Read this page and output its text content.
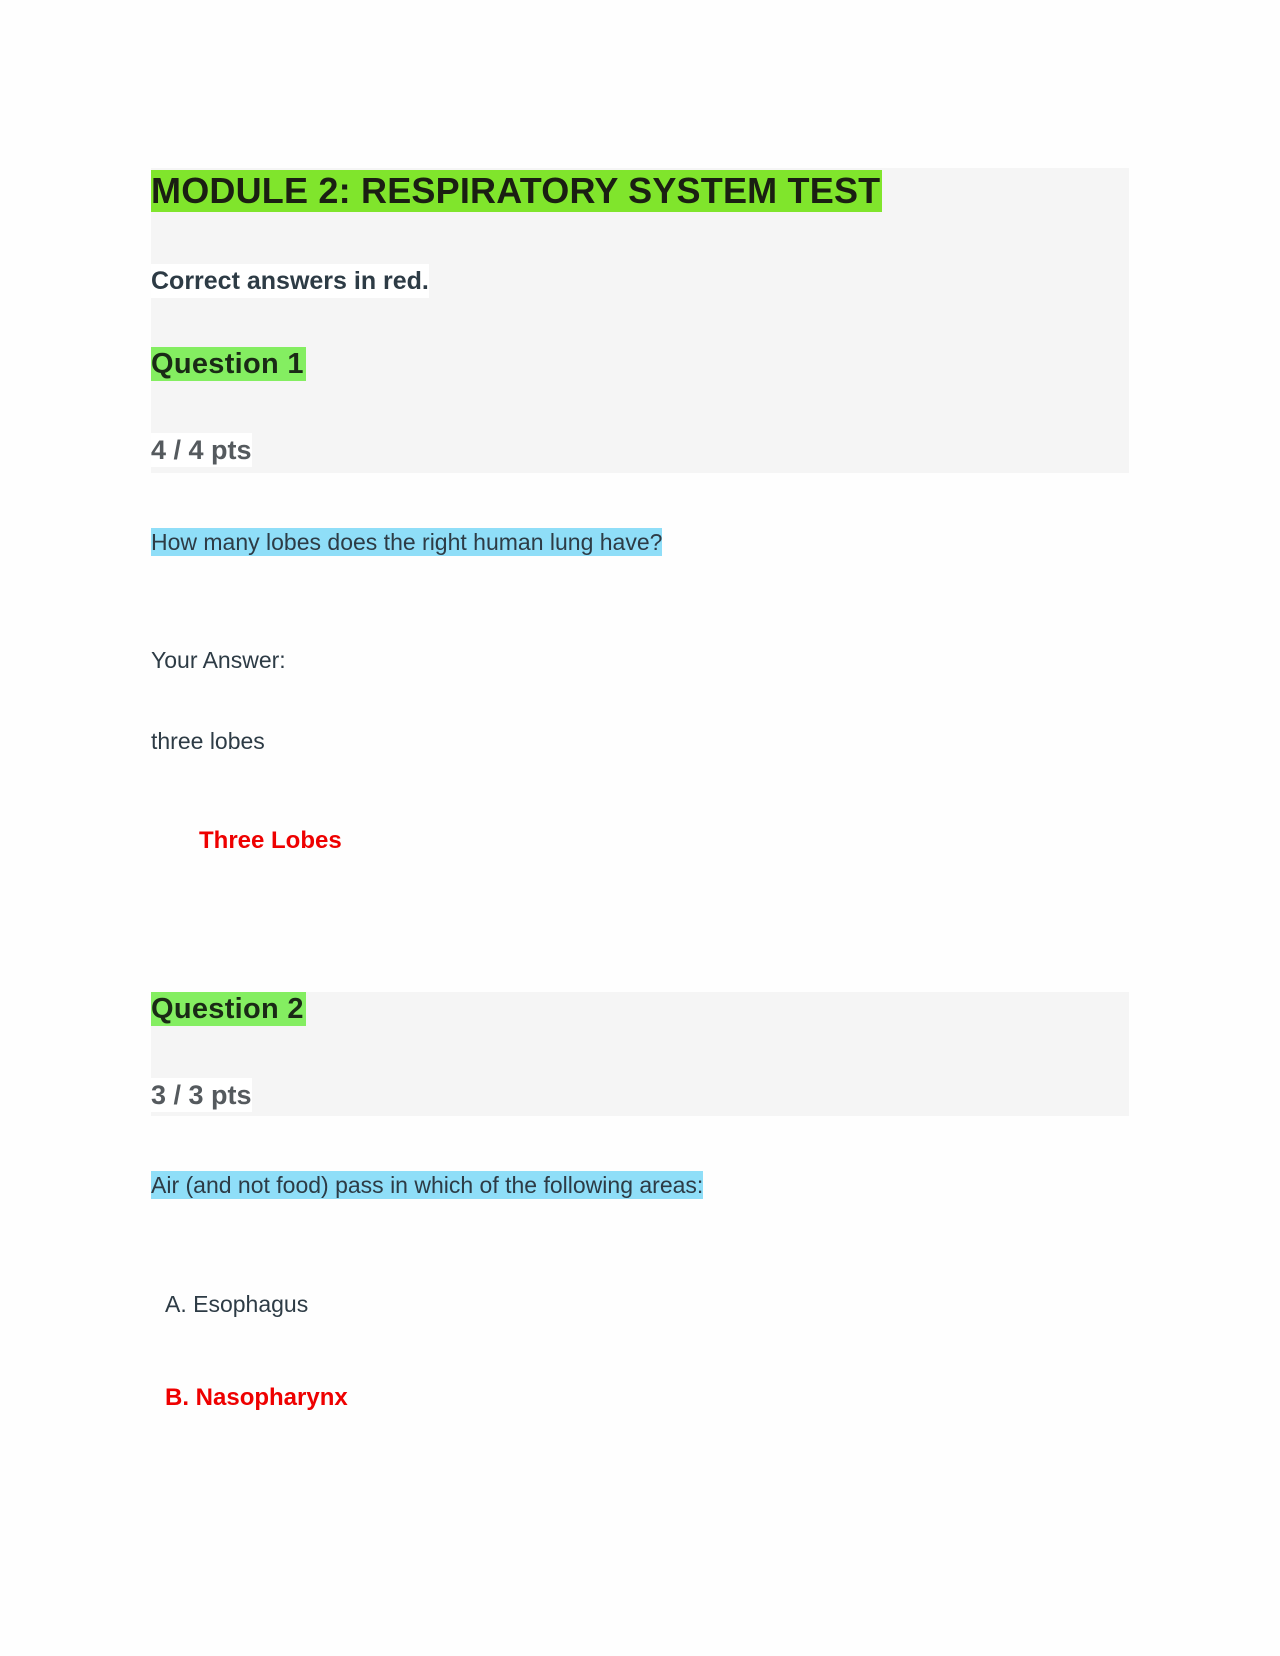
MODULE 2: RESPIRATORY SYSTEM TEST
Correct answers in red.
Question 1
4 / 4 pts
How many lobes does the right human lung have?
Your Answer:
three lobes
Three Lobes
Question 2
3 / 3 pts
Air (and not food) pass in which of the following areas:
A. Esophagus
B. Nasopharynx
